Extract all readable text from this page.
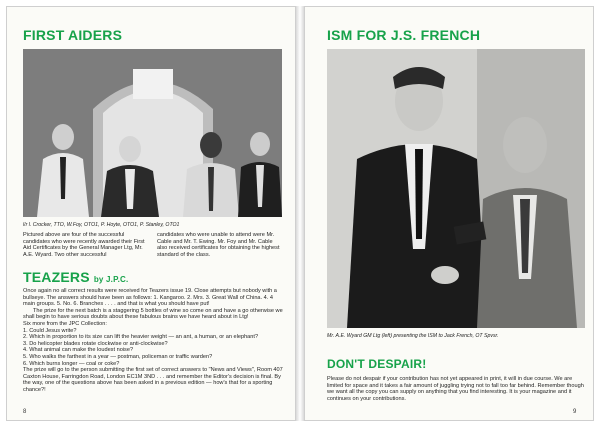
FIRST AIDERS
l/r l. Crocker, TTO, W.Foy, OTO1, P. Hoyte, OTO1, P. Stanley, OTO1
Pictured above are four of the successful candidates who were recently awarded their First Aid Certificates by the General Manager Ltg, Mr. A.E. Wyard. Two other successful
candidates who were unable to attend were Mr. Cable and Mr. T. Ewing. Mr. Foy and Mr. Cable also received certificates for obtaining the highest standard of the class.
TEAZERS by J.P.C.

Once again no all correct results were received for Teazers issue 19. Close attempts but nobody with a bullseye. The answers should have been as follows: 1. Kangaroo. 2. Mrs. 3. Great Wall of China. 4. 4 main groups. 5. No. 6. Branches . . . . and that is what you should have put!

The prize for the next batch is a staggering 5 bottles of wine so come on and have a go otherwise we shall begin to have serious doubts about these fabulous brains we have heard about in Ltg!

Six more from the JPC Collection:

1. Could Jesus write?

2. Which in proportion to its size can lift the heavier weight — an ant, a human, or an elephant?

3. Do helicopter blades rotate clockwise or anti-clockwise?

4. What animal can make the loudest noise?

5. Who walks the farthest in a year — postman, policeman or traffic warden?

6. Which burns longer — coal or coke?

The prize will go to the person submitting the first set of correct answers to "News and Views", Room 407 Caxton House, Farringdon Road, London EC1M 3ND . . . and remember the Editor's decision is final. By the way, one of the questions above has been asked in a previous edition — how's that for a sporting chance?!

8
ISM FOR J.S. FRENCH
Mr. A.E. Wyard GM Ltg (left) presenting the ISM to Jack French, OT Spvsr.
DON'T DESPAIR!
Please do not despair if your contribution has not yet appeared in print, it will in due course. We are limited for space and it takes a fair amount of juggling trying not to fall too far behind. Remember though we want all the copy you can supply on anything that you find interesting. It is your magazine and it continues on your contributions.
9
